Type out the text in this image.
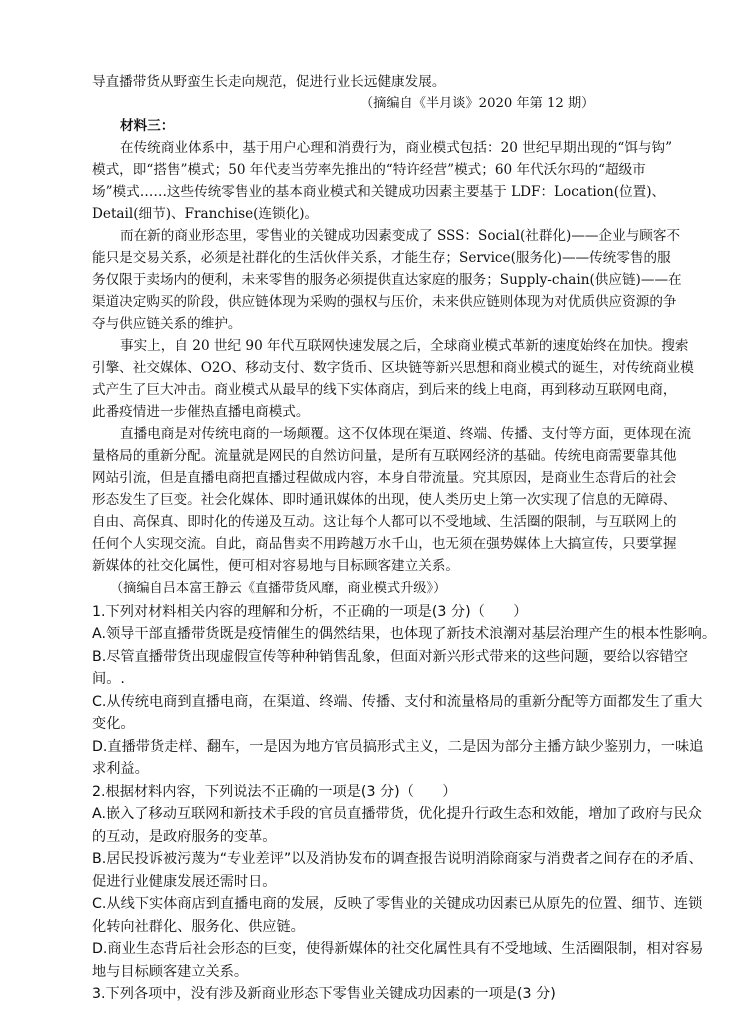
导直播带货从野蛮生长走向规范，促进行业长远健康发展。
（摘编自《半月谈》2020 年第 12 期）
材料三：
在传统商业体系中，基于用户心理和消费行为，商业模式包括：20 世纪早期出现的“饵与钩”
模式，即“搭售”模式；50 年代麦当劳率先推出的“特许经营”模式；60 年代沃尔玛的“超级市
场”模式……这些传统零售业的基本商业模式和关键成功因素主要基于 LDF：Location(位置)、
Detail(细节)、Franchise(连锁化)。
而在新的商业形态里，零售业的关键成功因素变成了 SSS：Social(社群化)——企业与顾客不
能只是交易关系，必须是社群化的生活伙伴关系，才能生存；Service(服务化)——传统零售的服
务仅限于卖场内的便利，未来零售的服务必须提供直达家庭的服务；Supply-chain(供应链)——在
渠道决定购买的阶段，供应链体现为采购的强权与压价，未来供应链则体现为对优质供应资源的争
夺与供应链关系的维护。
事实上，自 20 世纪 90 年代互联网快速发展之后，全球商业模式革新的速度始终在加快。搜索
引擎、社交媒体、O2O、移动支付、数字货币、区块链等新兴思想和商业模式的诞生，对传统商业模
式产生了巨大冲击。商业模式从最早的线下实体商店，到后来的线上电商，再到移动互联网电商，
此番疫情进一步催热直播电商模式。
直播电商是对传统电商的一场颠覆。这不仅体现在渠道、终端、传播、支付等方面，更体现在流
量格局的重新分配。流量就是网民的自然访问量，是所有互联网经济的基础。传统电商需要靠其他
网站引流，但是直播电商把直播过程做成内容，本身自带流量。究其原因，是商业生态背后的社会
形态发生了巨变。社会化媒体、即时通讯媒体的出现，使人类历史上第一次实现了信息的无障碍、
自由、高保真、即时化的传递及互动。这让每个人都可以不受地域、生活圈的限制，与互联网上的
任何个人实现交流。自此，商品售卖不用跨越万水千山，也无须在强势媒体上大搞宣传，只要掌握
新媒体的社交化属性，便可相对容易地与目标顾客建立关系。
（摘编自吕本富王静云《直播带货风靡，商业模式升级》）
1.下列对材料相关内容的理解和分析，不正确的一项是(3 分)（　　）
A.领导干部直播带货既是疫情催生的偶然结果，也体现了新技术浪潮对基层治理产生的根本性影响。
B.尽管直播带货出现虚假宣传等种种销售乱象，但面对新兴形式带来的这些问题，要给以容错空
间。.
C.从传统电商到直播电商，在渠道、终端、传播、支付和流量格局的重新分配等方面都发生了重大
变化。
D.直播带货走样、翻车，一是因为地方官员搞形式主义，二是因为部分主播方缺少鉴别力，一味追
求利益。
2.根据材料内容，下列说法不正确的一项是(3 分)（　　）
A.嵌入了移动互联网和新技术手段的官员直播带货，优化提升行政生态和效能，增加了政府与民众
的互动，是政府服务的变革。
B.居民投诉被污蔑为“专业差评”以及消协发布的调查报告说明消除商家与消费者之间存在的矛盾、
促进行业健康发展还需时日。
C.从线下实体商店到直播电商的发展，反映了零售业的关键成功因素已从原先的位置、细节、连锁
化转向社群化、服务化、供应链。
D.商业生态背后社会形态的巨变，使得新媒体的社交化属性具有不受地域、生活圈限制，相对容易
地与目标顾客建立关系。
3.下列各项中，没有涉及新商业形态下零售业关键成功因素的一项是(3 分)
